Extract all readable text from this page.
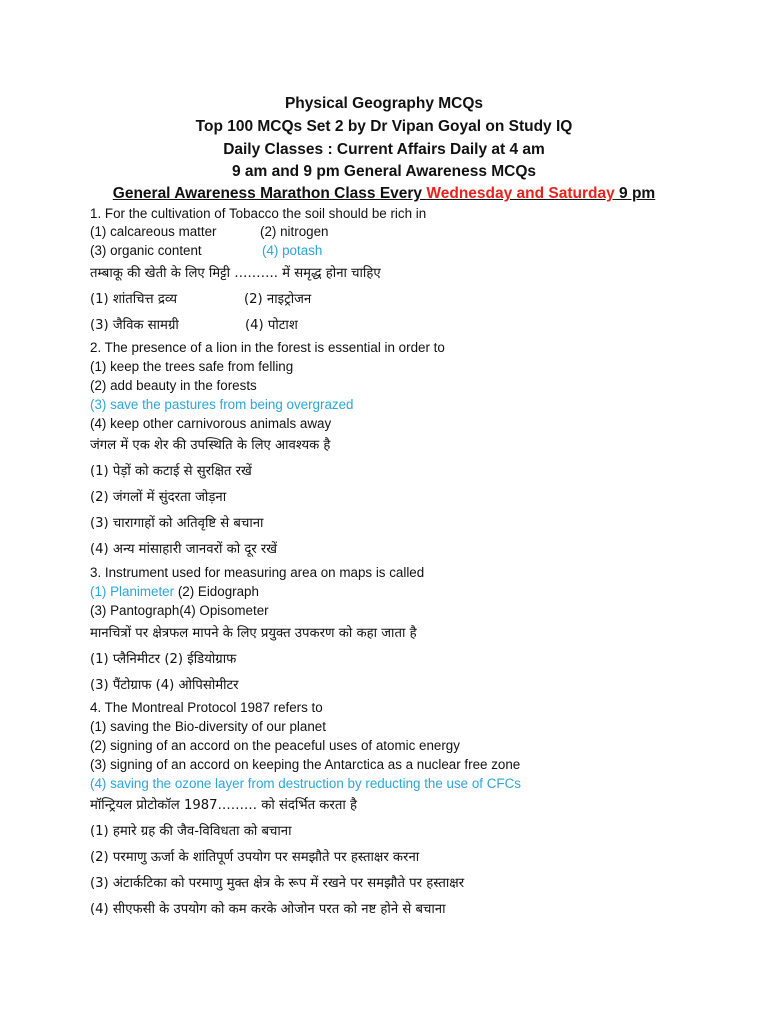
Physical Geography MCQs
Top 100 MCQs Set 2 by Dr Vipan Goyal on Study IQ
Daily Classes : Current Affairs Daily at 4 am
9 am and 9 pm General Awareness MCQs
General Awareness Marathon Class Every Wednesday and Saturday 9 pm
1. For the cultivation of Tobacco the soil should be rich in
(1) calcareous matter	(2) nitrogen
(3) organic content	(4) potash
तम्बाकू की खेती के लिए मिट्टी ………. में समृद्ध होना चाहिए
(1) शांतचित्त द्रव्य	(2) नाइट्रोजन
(3) जैविक सामग्री	(4) पोटाश
2. The presence of a lion in the forest is essential in order to
(1) keep the trees safe from felling
(2) add beauty in the forests
(3) save the pastures from being overgrazed
(4) keep other carnivorous animals away
जंगल में एक शेर की उपस्थिति के लिए आवश्यक है
(1) पेड़ों को कटाई से सुरक्षित रखें
(2) जंगलों में सुंदरता जोड़ना
(3) चारागाहों को अतिवृष्टि से बचाना
(4) अन्य मांसाहारी जानवरों को दूर रखें
3. Instrument used for measuring area on maps is called
(1) Planimeter (2) Eidograph
(3) Pantograph(4) Opisometer
मानचित्रों पर क्षेत्रफल मापने के लिए प्रयुक्त उपकरण को कहा जाता है
(1) प्लैनिमीटर (2) ईडियोग्राफ
(3) पैंटोग्राफ (4) ओपिसोमीटर
4. The Montreal Protocol 1987 refers to
(1) saving the Bio-diversity of our planet
(2) signing of an accord on the peaceful uses of atomic energy
(3) signing of an accord on keeping the Antarctica as a nuclear free zone
(4) saving the ozone layer from destruction by reducting the use of CFCs
मॉन्ट्रियल प्रोटोकॉल 1987……… को संदर्भित करता है
(1) हमारे ग्रह की जैव-विविधता को बचाना
(2) परमाणु ऊर्जा के शांतिपूर्ण उपयोग पर समझौते पर हस्ताक्षर करना
(3) अंटार्कटिका को परमाणु मुक्त क्षेत्र के रूप में रखने पर समझौते पर हस्ताक्षर
(4) सीएफसी के उपयोग को कम करके ओजोन परत को नष्ट होने से बचाना
